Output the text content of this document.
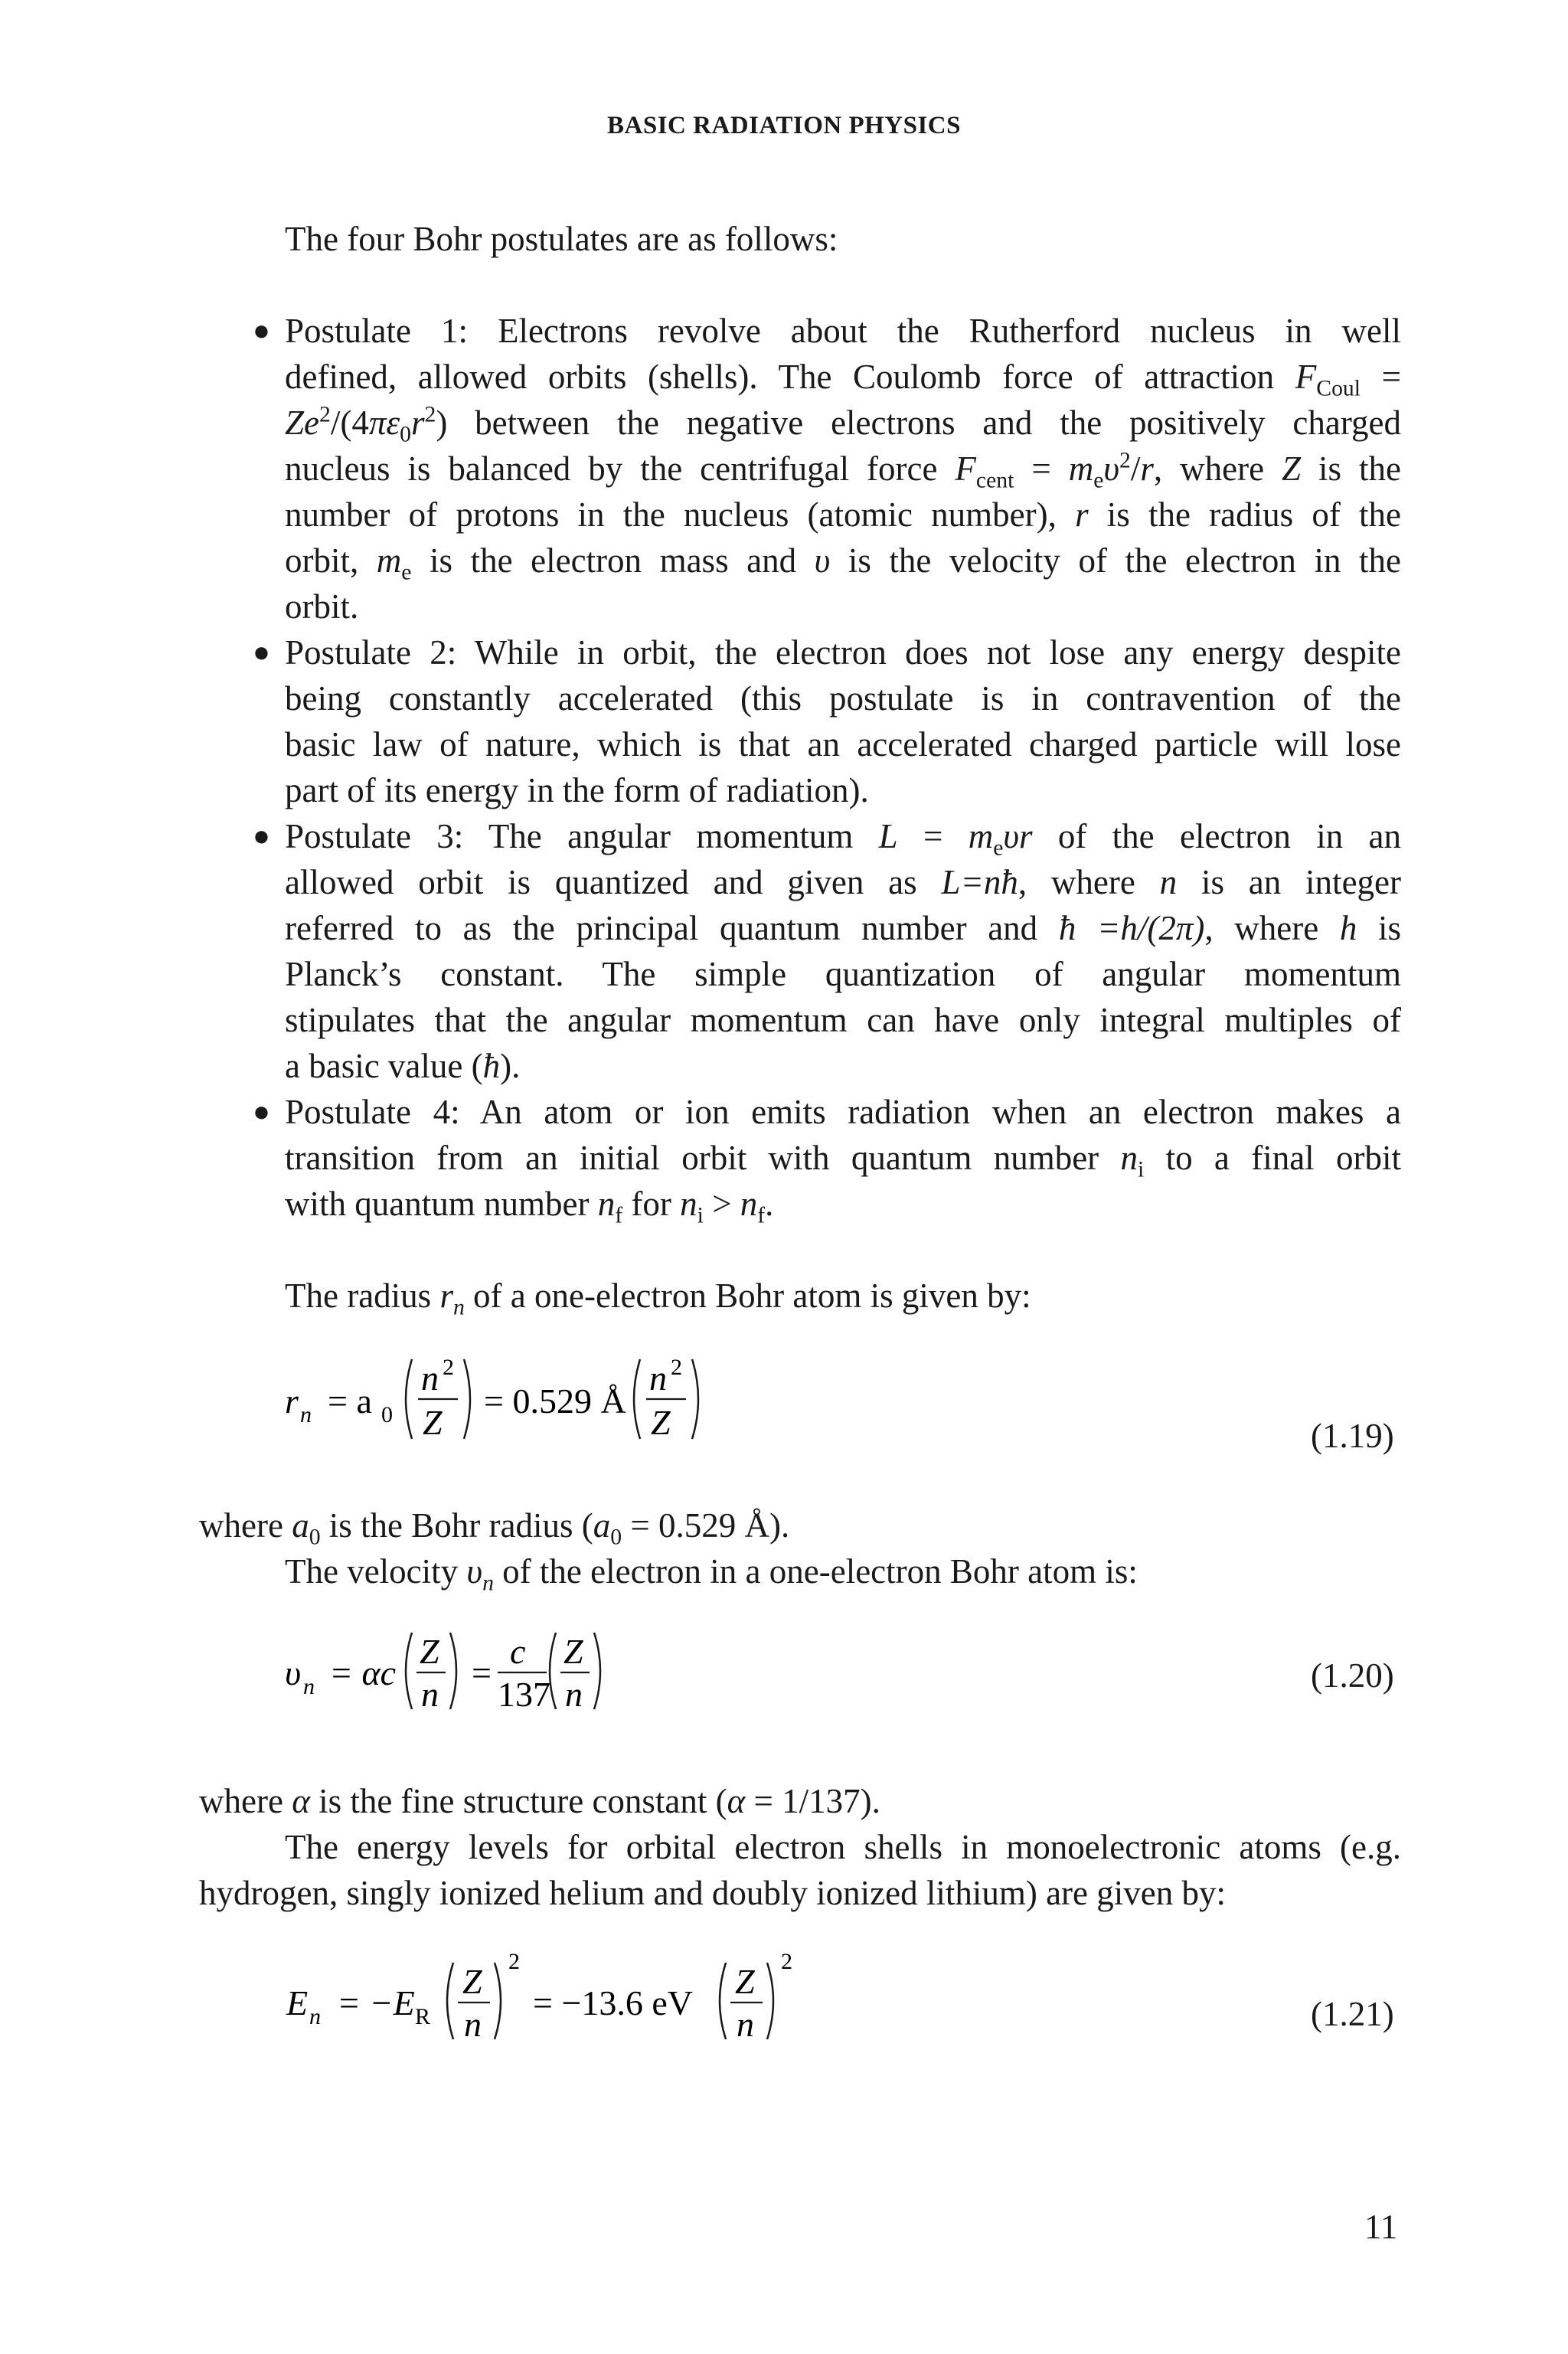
BASIC RADIATION PHYSICS
The four Bohr postulates are as follows:
● Postulate 1: Electrons revolve about the Rutherford nucleus in well
defined, allowed orbits (shells). The Coulomb force of attraction $F_{Coul}$ =
$Ze^2/(4\pi\varepsilon_0r^2)$ between the negative electrons and the positively charged
nucleus is balanced by the centrifugal force $F_{cent} = m_e\upsilon^2/r$, where Z is the
number of protons in the nucleus (atomic number), r is the radius of the
orbit, $m_e$ is the electron mass and υ is the velocity of the electron in the
orbit.
● Postulate 2: While in orbit, the electron does not lose any energy despite
being constantly accelerated (this postulate is in contravention of the
basic law of nature, which is that an accelerated charged particle will lose
part of its energy in the form of radiation).
● Postulate 3: The angular momentum $L = m_e\upsilon r$ of the electron in an
allowed orbit is quantized and given as L=nħ, where n is an integer
referred to as the principal quantum number and ħ =h/(2π), where h is
Planck’s constant. The simple quantization of angular momentum
stipulates that the angular momentum can have only integral multiples of
a basic value (ħ).
● Postulate 4: An atom or ion emits radiation when an electron makes a
transition from an initial orbit with quantum number $n_i$ to a final orbit
with quantum number $n_f$ for $n_i > n_f$.
The radius $r_n$ of a one-electron Bohr atom is given by:
r n = a 0
n 2
Z
= 0.529 Å
n 2
Z	(1.19)
where $a_0$ is the Bohr radius ($a_0 = 0.529$ Å).
The velocity $\upsilon_n$ of the electron in a one-electron Bohr atom is:
υ n = αc
Z
n
=
c
137
Z
n	(1.20)
where α is the fine structure constant (α = 1/137).
The energy levels for orbital electron shells in monoelectronic atoms (e.g.
hydrogen, singly ionized helium and doubly ionized lithium) are given by:
E n = −E R
Z
n
2
= −13.6 eV
Z
n
2
(1.21)
11
